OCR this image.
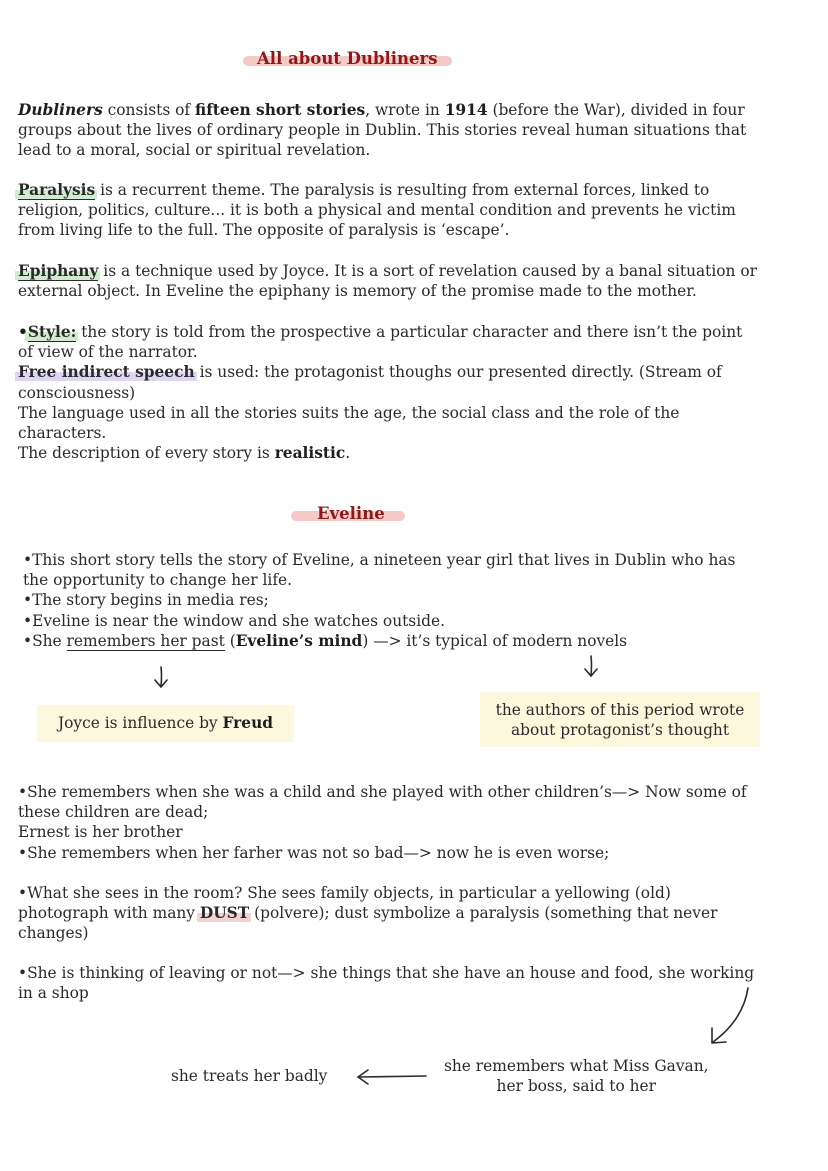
All about Dubliners
Dubliners consists of fifteen short stories, wrote in 1914 (before the War), divided in four
groups about the lives of ordinary people in Dublin. This stories reveal human situations that
lead to a moral, social or spiritual revelation.
Paralysis is a recurrent theme. The paralysis is resulting from external forces, linked to
religion, politics, culture... it is both a physical and mental condition and prevents he victim
from living life to the full. The opposite of paralysis is ‘escape’.
Epiphany is a technique used by Joyce. It is a sort of revelation caused by a banal situation or
external object. In Eveline the epiphany is memory of the promise made to the mother.
•
Style: the story is told from the prospective a particular character and there isn’t the point
of view of the narrator.
Free indirect speech is used: the protagonist thoughs our presented directly. (Stream of
consciousness)
The language used in all the stories suits the age, the social class and the role of the
characters.
The description of every story is realistic.
Eveline
•This short story tells the story of Eveline, a nineteen year girl that lives in Dublin who has
the opportunity to change her life.
•The story begins in media res;
•Eveline is near the window and she watches outside.
•She remembers her past (Eveline’s mind) —> it’s typical of modern novels
Joyce is influence by Freud
the authors of this period wrote
about protagonist’s thought
•She remembers when she was a child and she played with other children’s—> Now some of
these children are dead;
Ernest is her brother
•She remembers when her farher was not so bad—> now he is even worse;
•What she sees in the room? She sees family objects, in particular a yellowing (old)
photograph with many
DUST (polvere); dust symbolize a paralysis (something that never
changes)
•She is thinking of leaving or not—> she things that she have an house and food, she working
in a shop
she treats her badly
she remembers what Miss Gavan,
her boss, said to her
